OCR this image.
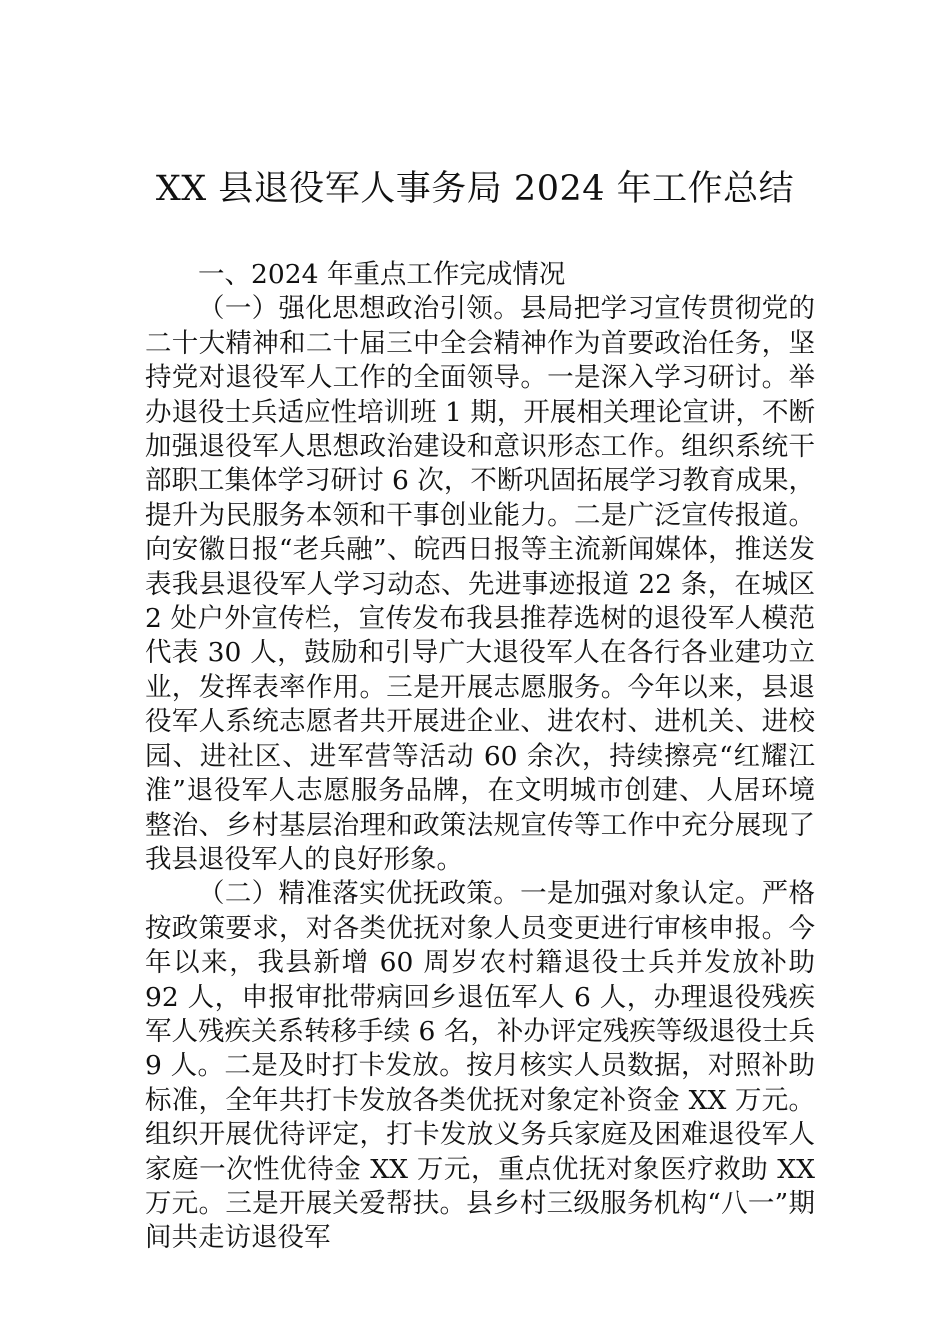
XX 县退役军人事务局 2024 年工作总结

一、2024 年重点工作完成情况

（一）强化思想政治引领。县局把学习宣传贯彻党的二十大精神和二十届三中全会精神作为首要政治任务，坚持党对退役军人工作的全面领导。一是深入学习研讨。举办退役士兵适应性培训班 1 期，开展相关理论宣讲，不断加强退役军人思想政治建设和意识形态工作。组织系统干部职工集体学习研讨 6 次，不断巩固拓展学习教育成果，提升为民服务本领和干事创业能力。二是广泛宣传报道。向安徽日报“老兵融”、皖西日报等主流新闻媒体，推送发表我县退役军人学习动态、先进事迹报道 22 条，在城区 2 处户外宣传栏，宣传发布我县推荐选树的退役军人模范代表 30 人，鼓励和引导广大退役军人在各行各业建功立业，发挥表率作用。三是开展志愿服务。今年以来，县退役军人系统志愿者共开展进企业、进农村、进机关、进校园、进社区、进军营等活动 60 余次，持续擦亮“红耀江淮”退役军人志愿服务品牌，在文明城市创建、人居环境整治、乡村基层治理和政策法规宣传等工作中充分展现了我县退役军人的良好形象。

（二）精准落实优抚政策。一是加强对象认定。严格按政策要求，对各类优抚对象人员变更进行审核申报。今年以来，我县新增 60 周岁农村籍退役士兵并发放补助 92 人，申报审批带病回乡退伍军人 6 人，办理退役残疾军人残疾关系转移手续 6 名，补办评定残疾等级退役士兵 9 人。二是及时打卡发放。按月核实人员数据，对照补助标准，全年共打卡发放各类优抚对象定补资金 XX 万元。组织开展优待评定，打卡发放义务兵家庭及困难退役军人家庭一次性优待金 XX 万元，重点优抚对象医疗救助 XX 万元。三是开展关爱帮扶。县乡村三级服务机构“八一”期间共走访退役军
